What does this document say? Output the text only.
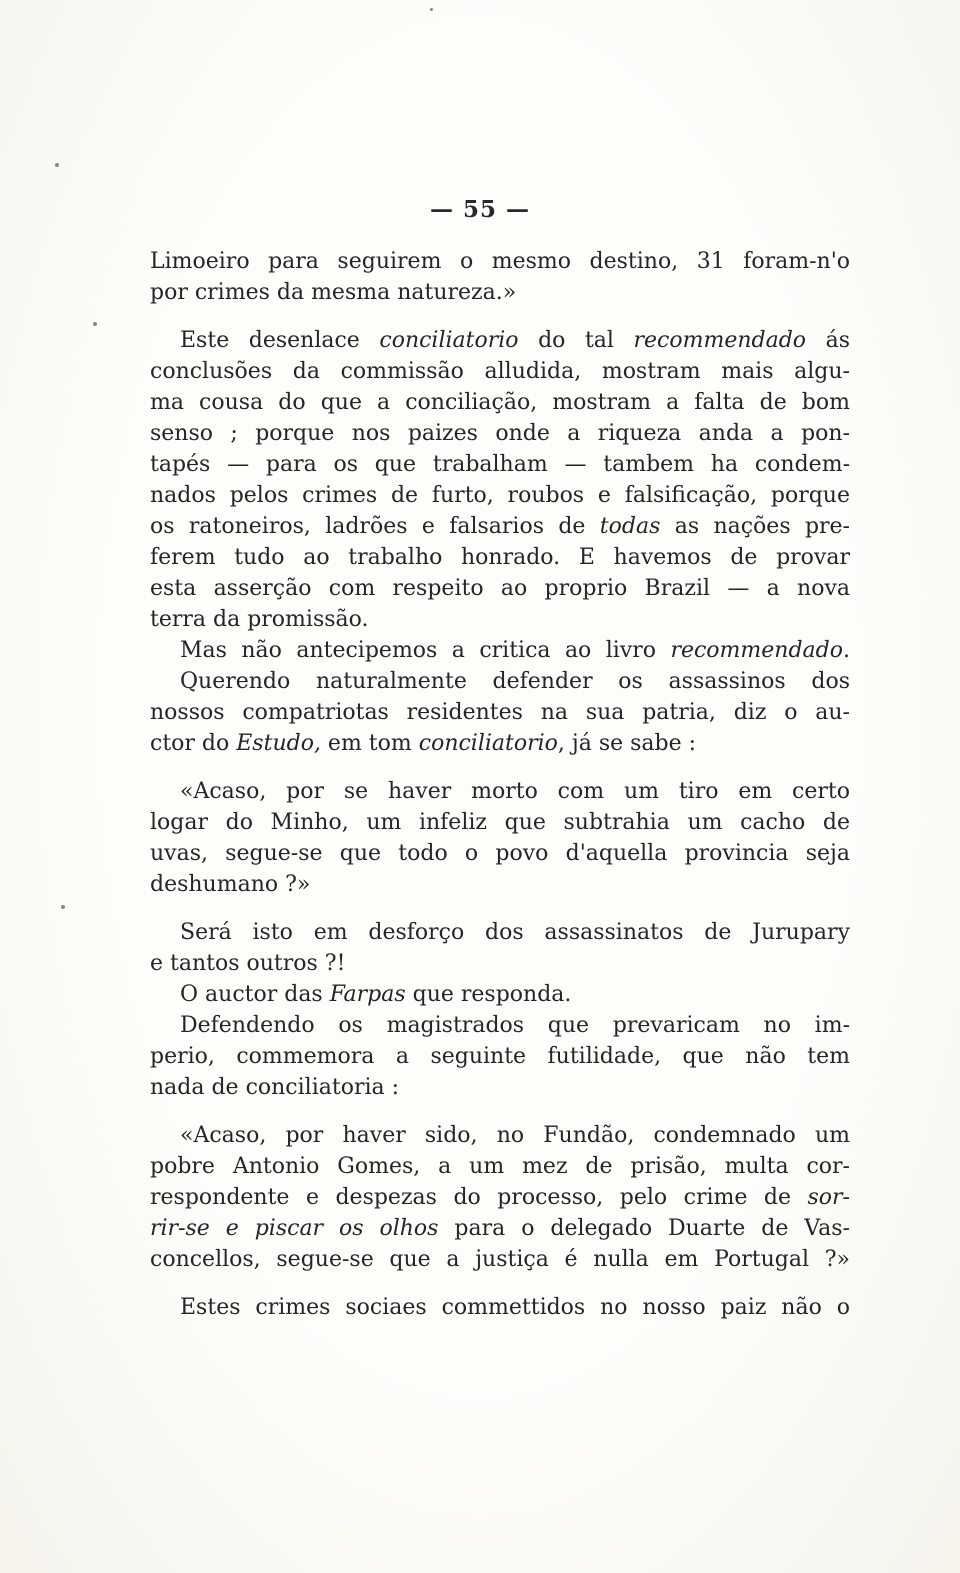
— 55 —
Limoeiro para seguirem o mesmo destino, 31 foram-n'o
por crimes da mesma natureza.»
Este desenlace conciliatorio do tal recommendado ás
conclusões da commissão alludida, mostram mais algu-
ma cousa do que a conciliação, mostram a falta de bom
senso ; porque nos paizes onde a riqueza anda a pon-
tapés — para os que trabalham — tambem ha condem-
nados pelos crimes de furto, roubos e falsificação, porque
os ratoneiros, ladrões e falsarios de todas as nações pre-
ferem tudo ao trabalho honrado. E havemos de provar
esta asserção com respeito ao proprio Brazil — a nova
terra da promissão.
Mas não antecipemos a critica ao livro recommendado.
Querendo naturalmente defender os assassinos dos
nossos compatriotas residentes na sua patria, diz o au-
ctor do Estudo, em tom conciliatorio, já se sabe :
«Acaso, por se haver morto com um tiro em certo
logar do Minho, um infeliz que subtrahia um cacho de
uvas, segue-se que todo o povo d'aquella provincia seja
deshumano ?»
Será isto em desforço dos assassinatos de Jurupary
e tantos outros ?!
O auctor das Farpas que responda.
Defendendo os magistrados que prevaricam no im-
perio, commemora a seguinte futilidade, que não tem
nada de conciliatoria :
«Acaso, por haver sido, no Fundão, condemnado um
pobre Antonio Gomes, a um mez de prisão, multa cor-
respondente e despezas do processo, pelo crime de sor-
rir-se e piscar os olhos para o delegado Duarte de Vas-
concellos, segue-se que a justiça é nulla em Portugal ?»
Estes crimes sociaes commettidos no nosso paiz não o
